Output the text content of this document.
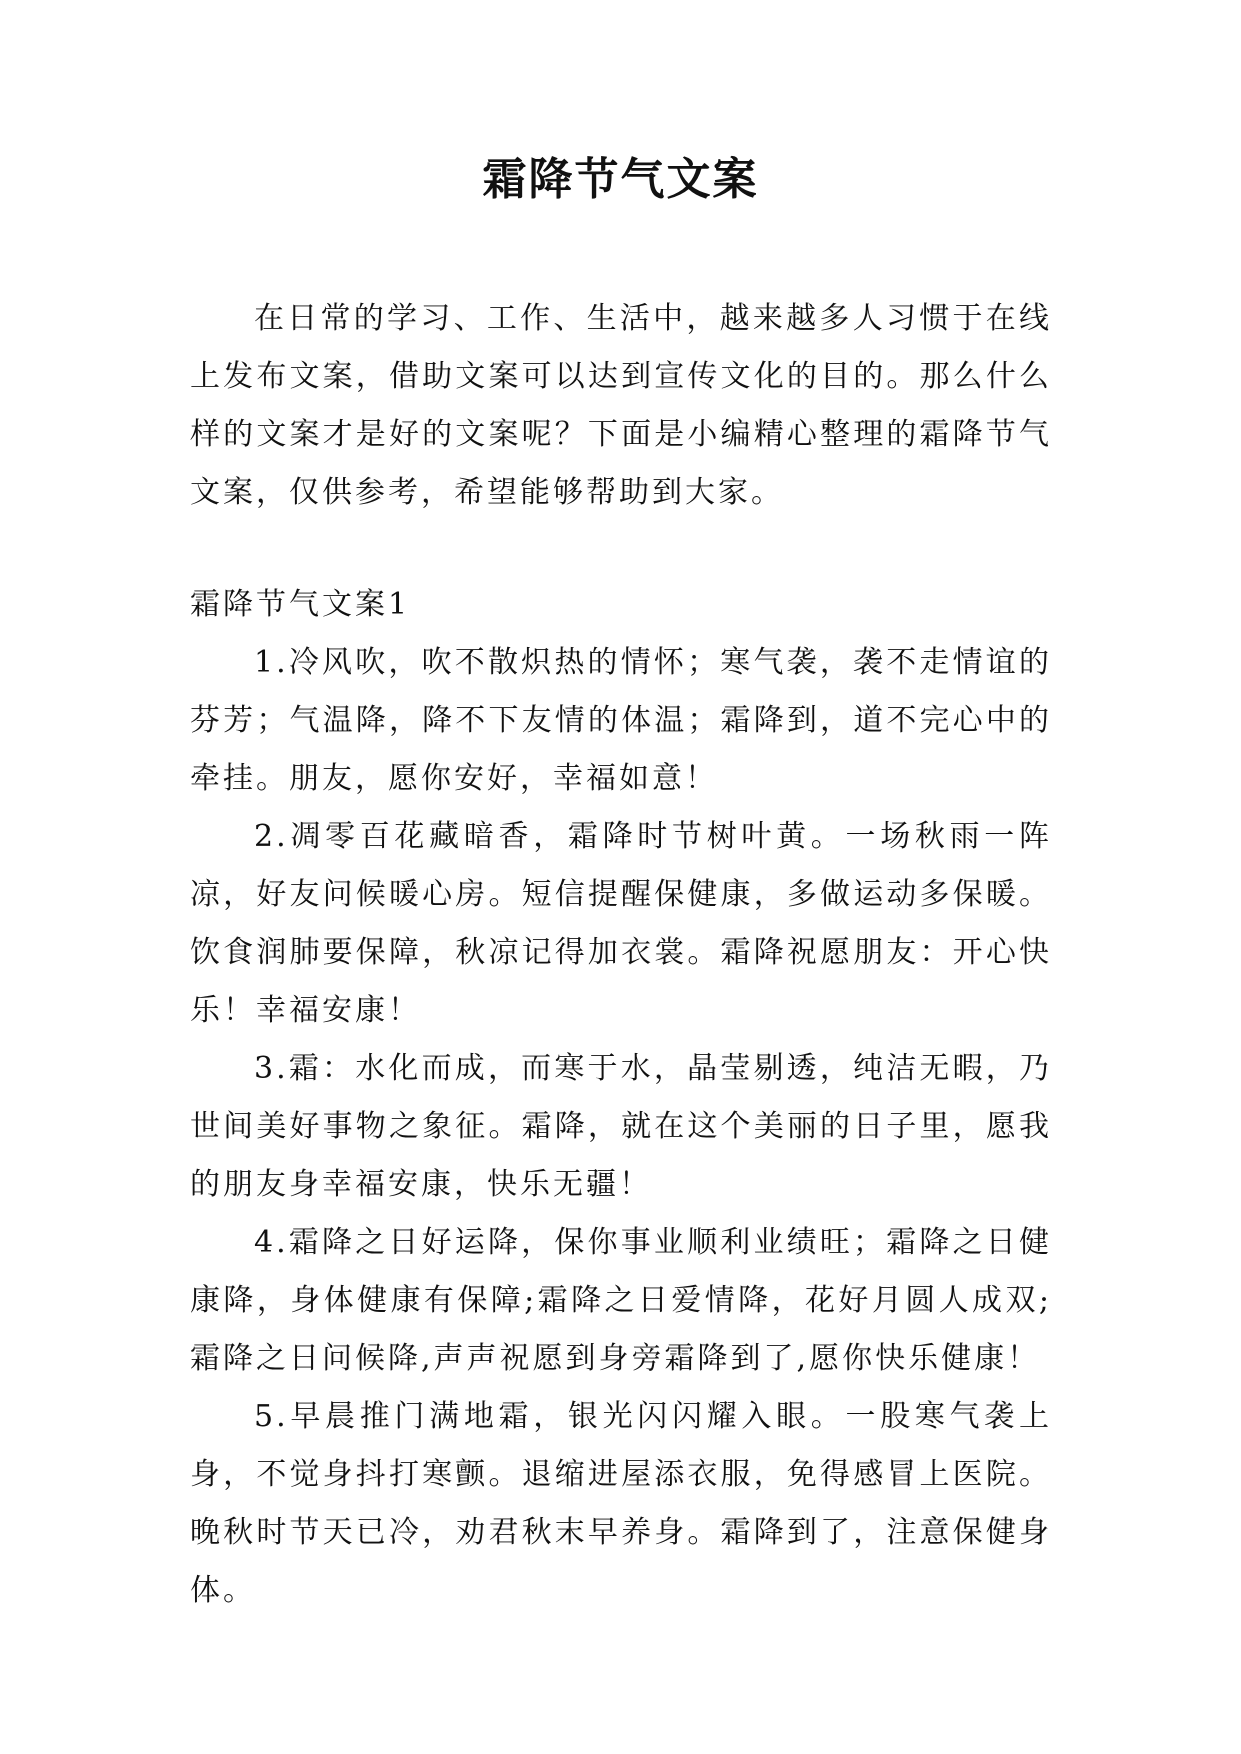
霜降节气文案

在日常的学习、工作、生活中，越来越多人习惯于在线上发布文案，借助文案可以达到宣传文化的目的。那么什么样的文案才是好的文案呢？下面是小编精心整理的霜降节气文案，仅供参考，希望能够帮助到大家。

霜降节气文案1

1.冷风吹，吹不散炽热的情怀；寒气袭，袭不走情谊的芬芳；气温降，降不下友情的体温；霜降到，道不完心中的牵挂。朋友，愿你安好，幸福如意！

2.凋零百花藏暗香，霜降时节树叶黄。一场秋雨一阵凉，好友问候暖心房。短信提醒保健康，多做运动多保暖。饮食润肺要保障，秋凉记得加衣裳。霜降祝愿朋友：开心快乐！幸福安康！

3.霜：水化而成，而寒于水，晶莹剔透，纯洁无暇，乃世间美好事物之象征。霜降，就在这个美丽的日子里，愿我的朋友身幸福安康，快乐无疆！

4.霜降之日好运降，保你事业顺利业绩旺；霜降之日健康降，身体健康有保障;霜降之日爱情降，花好月圆人成双;霜降之日问候降,声声祝愿到身旁霜降到了,愿你快乐健康！

5.早晨推门满地霜，银光闪闪耀入眼。一股寒气袭上身，不觉身抖打寒颤。退缩进屋添衣服，免得感冒上医院。晚秋时节天已冷，劝君秋末早养身。霜降到了，注意保健身体。
